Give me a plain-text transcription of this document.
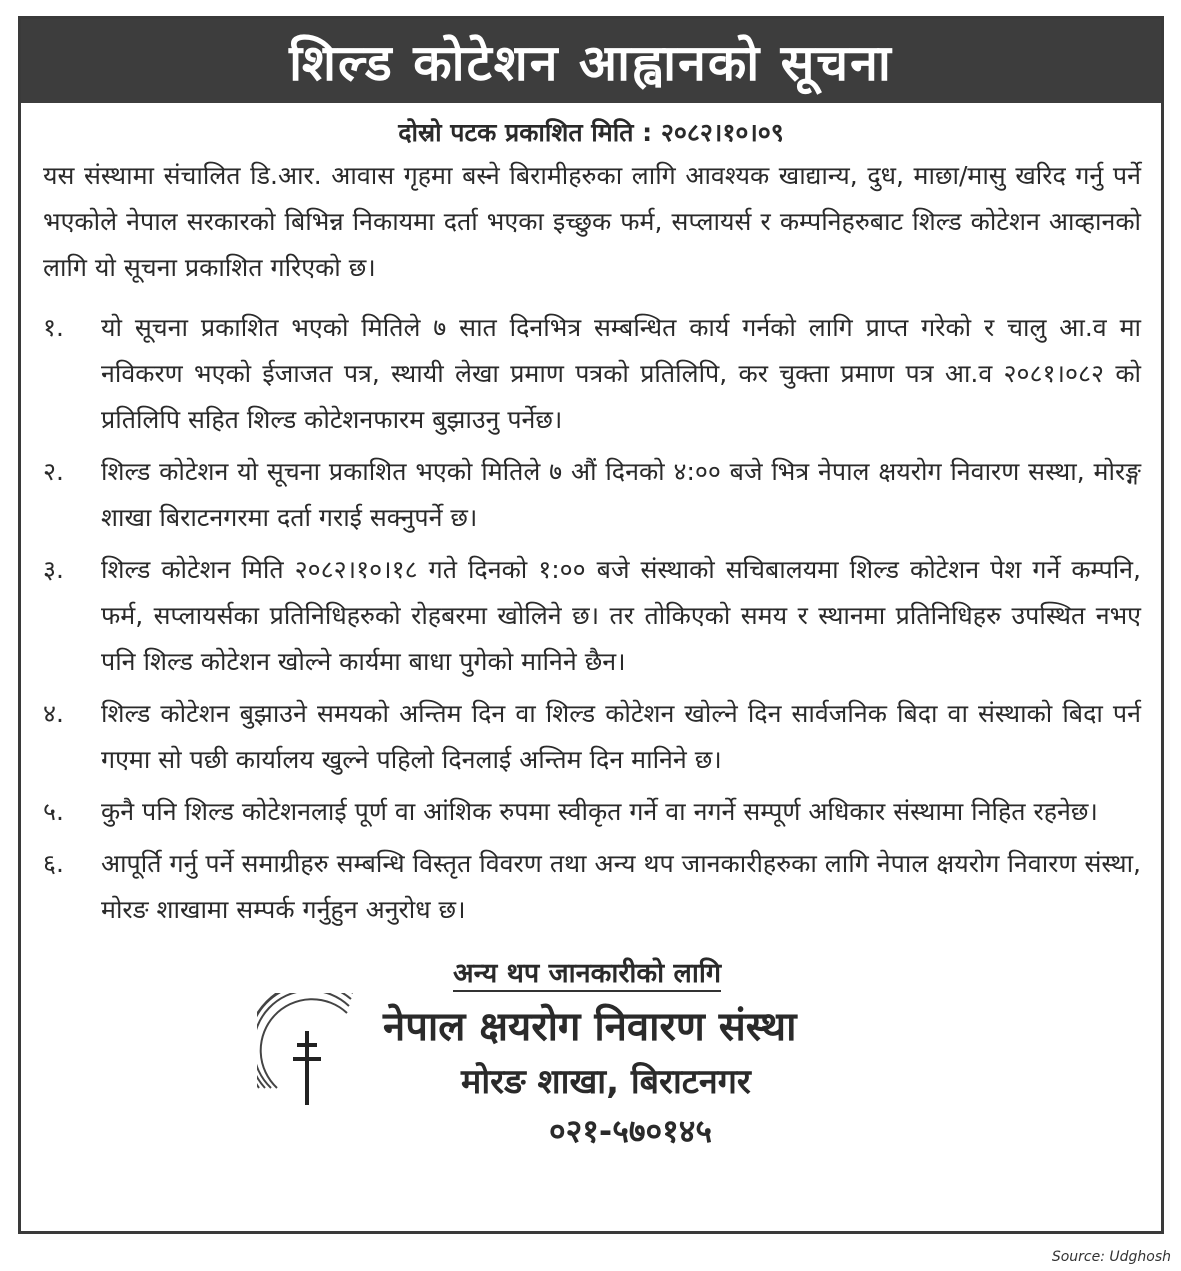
शिल्ड कोटेशन आह्वानको सूचना
दोस्रो पटक प्रकाशित मिति : २०८२।१०।०९
यस संस्थामा संचालित डि.आर. आवास गृहमा बस्ने बिरामीहरुका लागि आवश्यक खाद्यान्य, दुध, माछा/मासु खरिद गर्नु पर्ने भएकोले नेपाल सरकारको बिभिन्न निकायमा दर्ता भएका इच्छुक फर्म, सप्लायर्स र कम्पनिहरुबाट शिल्ड कोटेशन आव्हानको लागि यो सूचना प्रकाशित गरिएको छ।
१.	यो सूचना प्रकाशित भएको मितिले ७ सात दिनभित्र सम्बन्धित कार्य गर्नको लागि प्राप्त गरेको र चालु आ.व मा नविकरण भएको ईजाजत पत्र, स्थायी लेखा प्रमाण पत्रको प्रतिलिपि, कर चुक्ता प्रमाण पत्र आ.व २०८१।०८२ को प्रतिलिपि सहित शिल्ड कोटेशनफारम बुझाउनु पर्नेछ।
२.	शिल्ड कोटेशन यो सूचना प्रकाशित भएको मितिले ७ औं दिनको ४:०० बजे भित्र नेपाल क्षयरोग निवारण सस्था, मोरङ्ग शाखा बिराटनगरमा दर्ता गराई सक्नुपर्ने छ।
३.	शिल्ड कोटेशन मिति २०८२।१०।१८ गते दिनको १:०० बजे संस्थाको सचिबालयमा शिल्ड कोटेशन पेश गर्ने कम्पनि, फर्म, सप्लायर्सका प्रतिनिधिहरुको रोहबरमा खोलिने छ। तर तोकिएको समय र स्थानमा प्रतिनिधिहरु उपस्थित नभए पनि शिल्ड कोटेशन खोल्ने कार्यमा बाधा पुगेको मानिने छैन।
४.	शिल्ड कोटेशन बुझाउने समयको अन्तिम दिन वा शिल्ड कोटेशन खोल्ने दिन सार्वजनिक बिदा वा संस्थाको बिदा पर्न गएमा सो पछी कार्यालय खुल्ने पहिलो दिनलाई अन्तिम दिन मानिने छ।
५.	कुनै पनि शिल्ड कोटेशनलाई पूर्ण वा आंशिक रुपमा स्वीकृत गर्ने वा नगर्ने सम्पूर्ण अधिकार संस्थामा निहित रहनेछ।
६.	आपूर्ति गर्नु पर्ने समाग्रीहरु सम्बन्धि विस्तृत विवरण तथा अन्य थप जानकारीहरुका लागि नेपाल क्षयरोग निवारण संस्था, मोरङ शाखामा सम्पर्क गर्नुहुन अनुरोध छ।
अन्य थप जानकारीको लागि
नेपाल क्षयरोग निवारण संस्था
मोरङ शाखा, बिराटनगर
०२१-५७०१४५
Source: Udghosh
